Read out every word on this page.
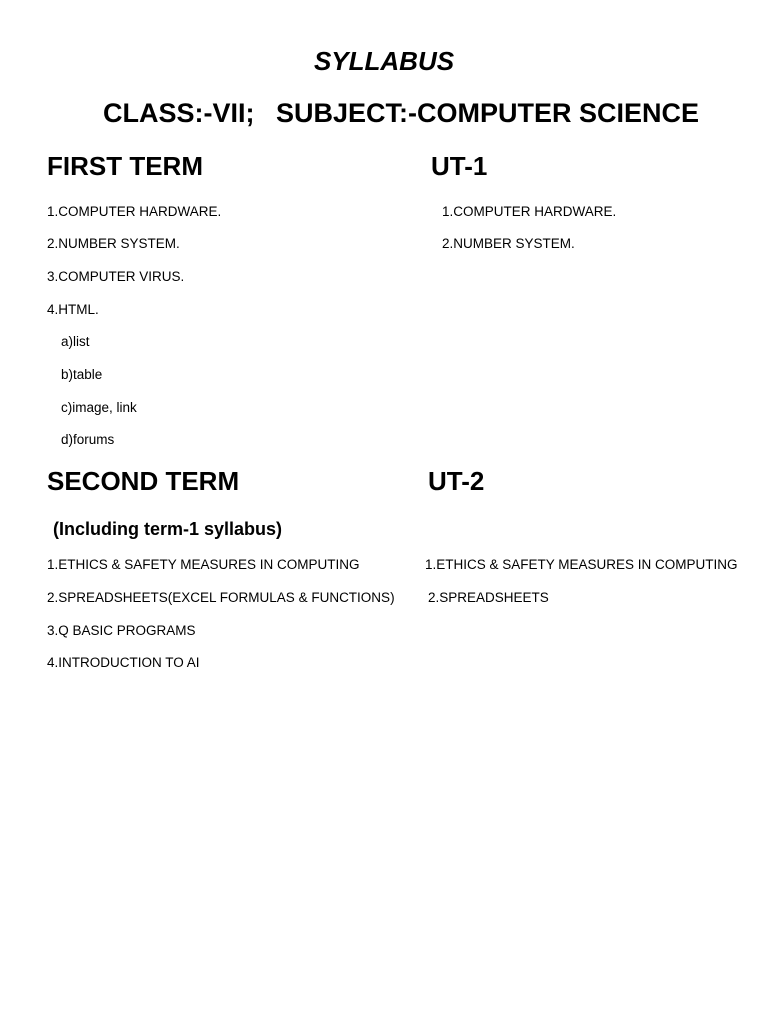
SYLLABUS
CLASS:-VII; SUBJECT:-COMPUTER SCIENCE
FIRST TERM	UT-1
1.COMPUTER HARDWARE.
2.NUMBER SYSTEM.
3.COMPUTER VIRUS.
4.HTML.
a)list
b)table
c)image, link
d)forums
1.COMPUTER HARDWARE.
2.NUMBER SYSTEM.
SECOND TERM	UT-2
(Including term-1 syllabus)
1.ETHICS & SAFETY MEASURES IN COMPUTING
2.SPREADSHEETS(EXCEL FORMULAS & FUNCTIONS)
3.Q BASIC PROGRAMS
4.INTRODUCTION TO AI
1.ETHICS & SAFETY MEASURES IN COMPUTING
2.SPREADSHEETS
